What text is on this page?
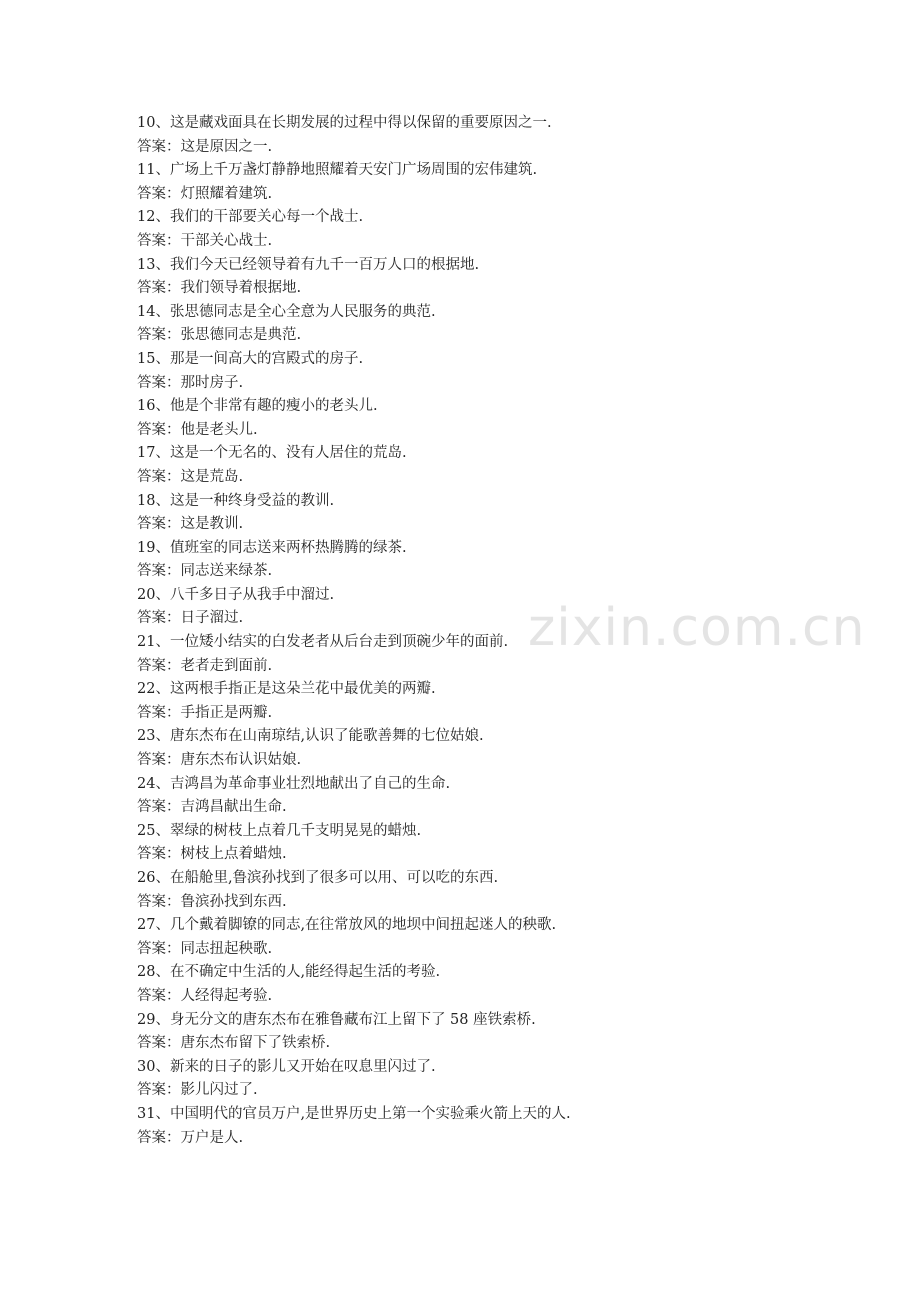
10、这是藏戏面具在长期发展的过程中得以保留的重要原因之一.
答案：这是原因之一.
11、广场上千万盏灯静静地照耀着天安门广场周围的宏伟建筑.
答案：灯照耀着建筑.
12、我们的干部要关心每一个战士.
答案：干部关心战士.
13、我们今天已经领导着有九千一百万人口的根据地.
答案：我们领导着根据地.
14、张思德同志是全心全意为人民服务的典范.
答案：张思德同志是典范.
15、那是一间高大的宫殿式的房子.
答案：那时房子.
16、他是个非常有趣的瘦小的老头儿.
答案：他是老头儿.
17、这是一个无名的、没有人居住的荒岛.
答案：这是荒岛.
18、这是一种终身受益的教训.
答案：这是教训.
19、值班室的同志送来两杯热腾腾的绿茶.
答案：同志送来绿茶.
20、八千多日子从我手中溜过.
答案：日子溜过.
21、一位矮小结实的白发老者从后台走到顶碗少年的面前.
答案：老者走到面前.
22、这两根手指正是这朵兰花中最优美的两瓣.
答案：手指正是两瓣.
23、唐东杰布在山南琼结,认识了能歌善舞的七位姑娘.
答案：唐东杰布认识姑娘.
24、吉鸿昌为革命事业壮烈地献出了自己的生命.
答案：吉鸿昌献出生命.
25、翠绿的树枝上点着几千支明晃晃的蜡烛.
答案：树枝上点着蜡烛.
26、在船舱里,鲁滨孙找到了很多可以用、可以吃的东西.
答案：鲁滨孙找到东西.
27、几个戴着脚镣的同志,在往常放风的地坝中间扭起迷人的秧歌.
答案：同志扭起秧歌.
28、在不确定中生活的人,能经得起生活的考验.
答案：人经得起考验.
29、身无分文的唐东杰布在雅鲁藏布江上留下了 58 座铁索桥.
答案：唐东杰布留下了铁索桥.
30、新来的日子的影儿又开始在叹息里闪过了.
答案：影儿闪过了.
31、中国明代的官员万户,是世界历史上第一个实验乘火箭上天的人.
答案：万户是人.
zixin.com.cn
